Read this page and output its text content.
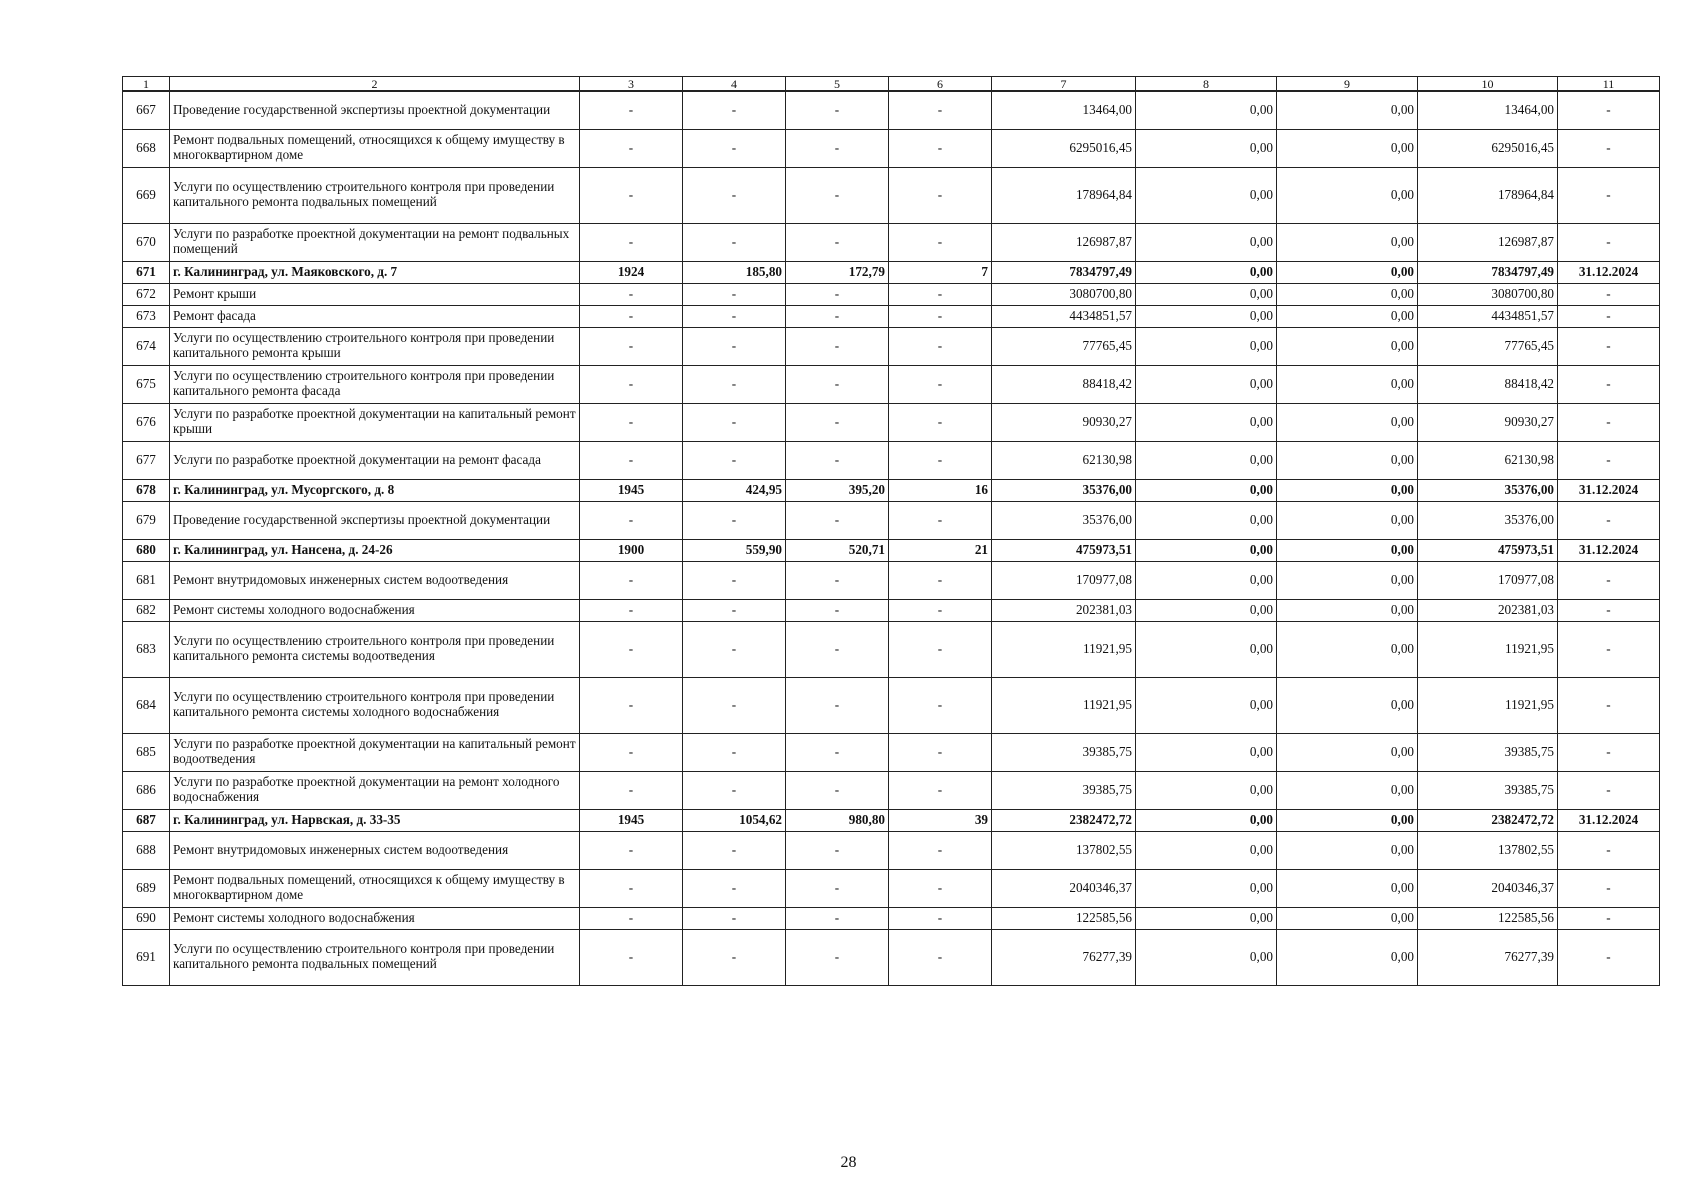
1	2	3	4	5	6	7	8	9	10	11
667	Проведение государственной экспертизы проектной документации	-	-	-	-	13464,00	0,00	0,00	13464,00	-
668	Ремонт подвальных помещений, относящихся к общему имуществу в многоквартирном доме	-	-	-	-	6295016,45	0,00	0,00	6295016,45	-
669	Услуги по осуществлению строительного контроля при проведении капитального ремонта подвальных помещений	-	-	-	-	178964,84	0,00	0,00	178964,84	-
670	Услуги по разработке проектной документации на ремонт подвальных помещений	-	-	-	-	126987,87	0,00	0,00	126987,87	-
671	г. Калининград, ул. Маяковского, д. 7	1924	185,80	172,79	7	7834797,49	0,00	0,00	7834797,49	31.12.2024
672	Ремонт крыши	-	-	-	-	3080700,80	0,00	0,00	3080700,80	-
673	Ремонт фасада	-	-	-	-	4434851,57	0,00	0,00	4434851,57	-
674	Услуги по осуществлению строительного контроля при проведении капитального ремонта крыши	-	-	-	-	77765,45	0,00	0,00	77765,45	-
675	Услуги по осуществлению строительного контроля при проведении капитального ремонта фасада	-	-	-	-	88418,42	0,00	0,00	88418,42	-
676	Услуги по разработке проектной документации на капитальный ремонт крыши	-	-	-	-	90930,27	0,00	0,00	90930,27	-
677	Услуги по разработке проектной документации на ремонт фасада	-	-	-	-	62130,98	0,00	0,00	62130,98	-
678	г. Калининград, ул. Мусоргского, д. 8	1945	424,95	395,20	16	35376,00	0,00	0,00	35376,00	31.12.2024
679	Проведение государственной экспертизы проектной документации	-	-	-	-	35376,00	0,00	0,00	35376,00	-
680	г. Калининград, ул. Нансена, д. 24-26	1900	559,90	520,71	21	475973,51	0,00	0,00	475973,51	31.12.2024
681	Ремонт внутридомовых инженерных систем водоотведения	-	-	-	-	170977,08	0,00	0,00	170977,08	-
682	Ремонт системы холодного водоснабжения	-	-	-	-	202381,03	0,00	0,00	202381,03	-
683	Услуги по осуществлению строительного контроля при проведении капитального ремонта системы водоотведения	-	-	-	-	11921,95	0,00	0,00	11921,95	-
684	Услуги по осуществлению строительного контроля при проведении капитального ремонта системы холодного водоснабжения	-	-	-	-	11921,95	0,00	0,00	11921,95	-
685	Услуги по разработке проектной документации на капитальный ремонт водоотведения	-	-	-	-	39385,75	0,00	0,00	39385,75	-
686	Услуги по разработке проектной документации на ремонт холодного водоснабжения	-	-	-	-	39385,75	0,00	0,00	39385,75	-
687	г. Калининград, ул. Нарвская, д. 33-35	1945	1054,62	980,80	39	2382472,72	0,00	0,00	2382472,72	31.12.2024
688	Ремонт внутридомовых инженерных систем водоотведения	-	-	-	-	137802,55	0,00	0,00	137802,55	-
689	Ремонт подвальных помещений, относящихся к общему имуществу в многоквартирном доме	-	-	-	-	2040346,37	0,00	0,00	2040346,37	-
690	Ремонт системы холодного водоснабжения	-	-	-	-	122585,56	0,00	0,00	122585,56	-
691	Услуги по осуществлению строительного контроля при проведении капитального ремонта подвальных помещений	-	-	-	-	76277,39	0,00	0,00	76277,39	-
28
